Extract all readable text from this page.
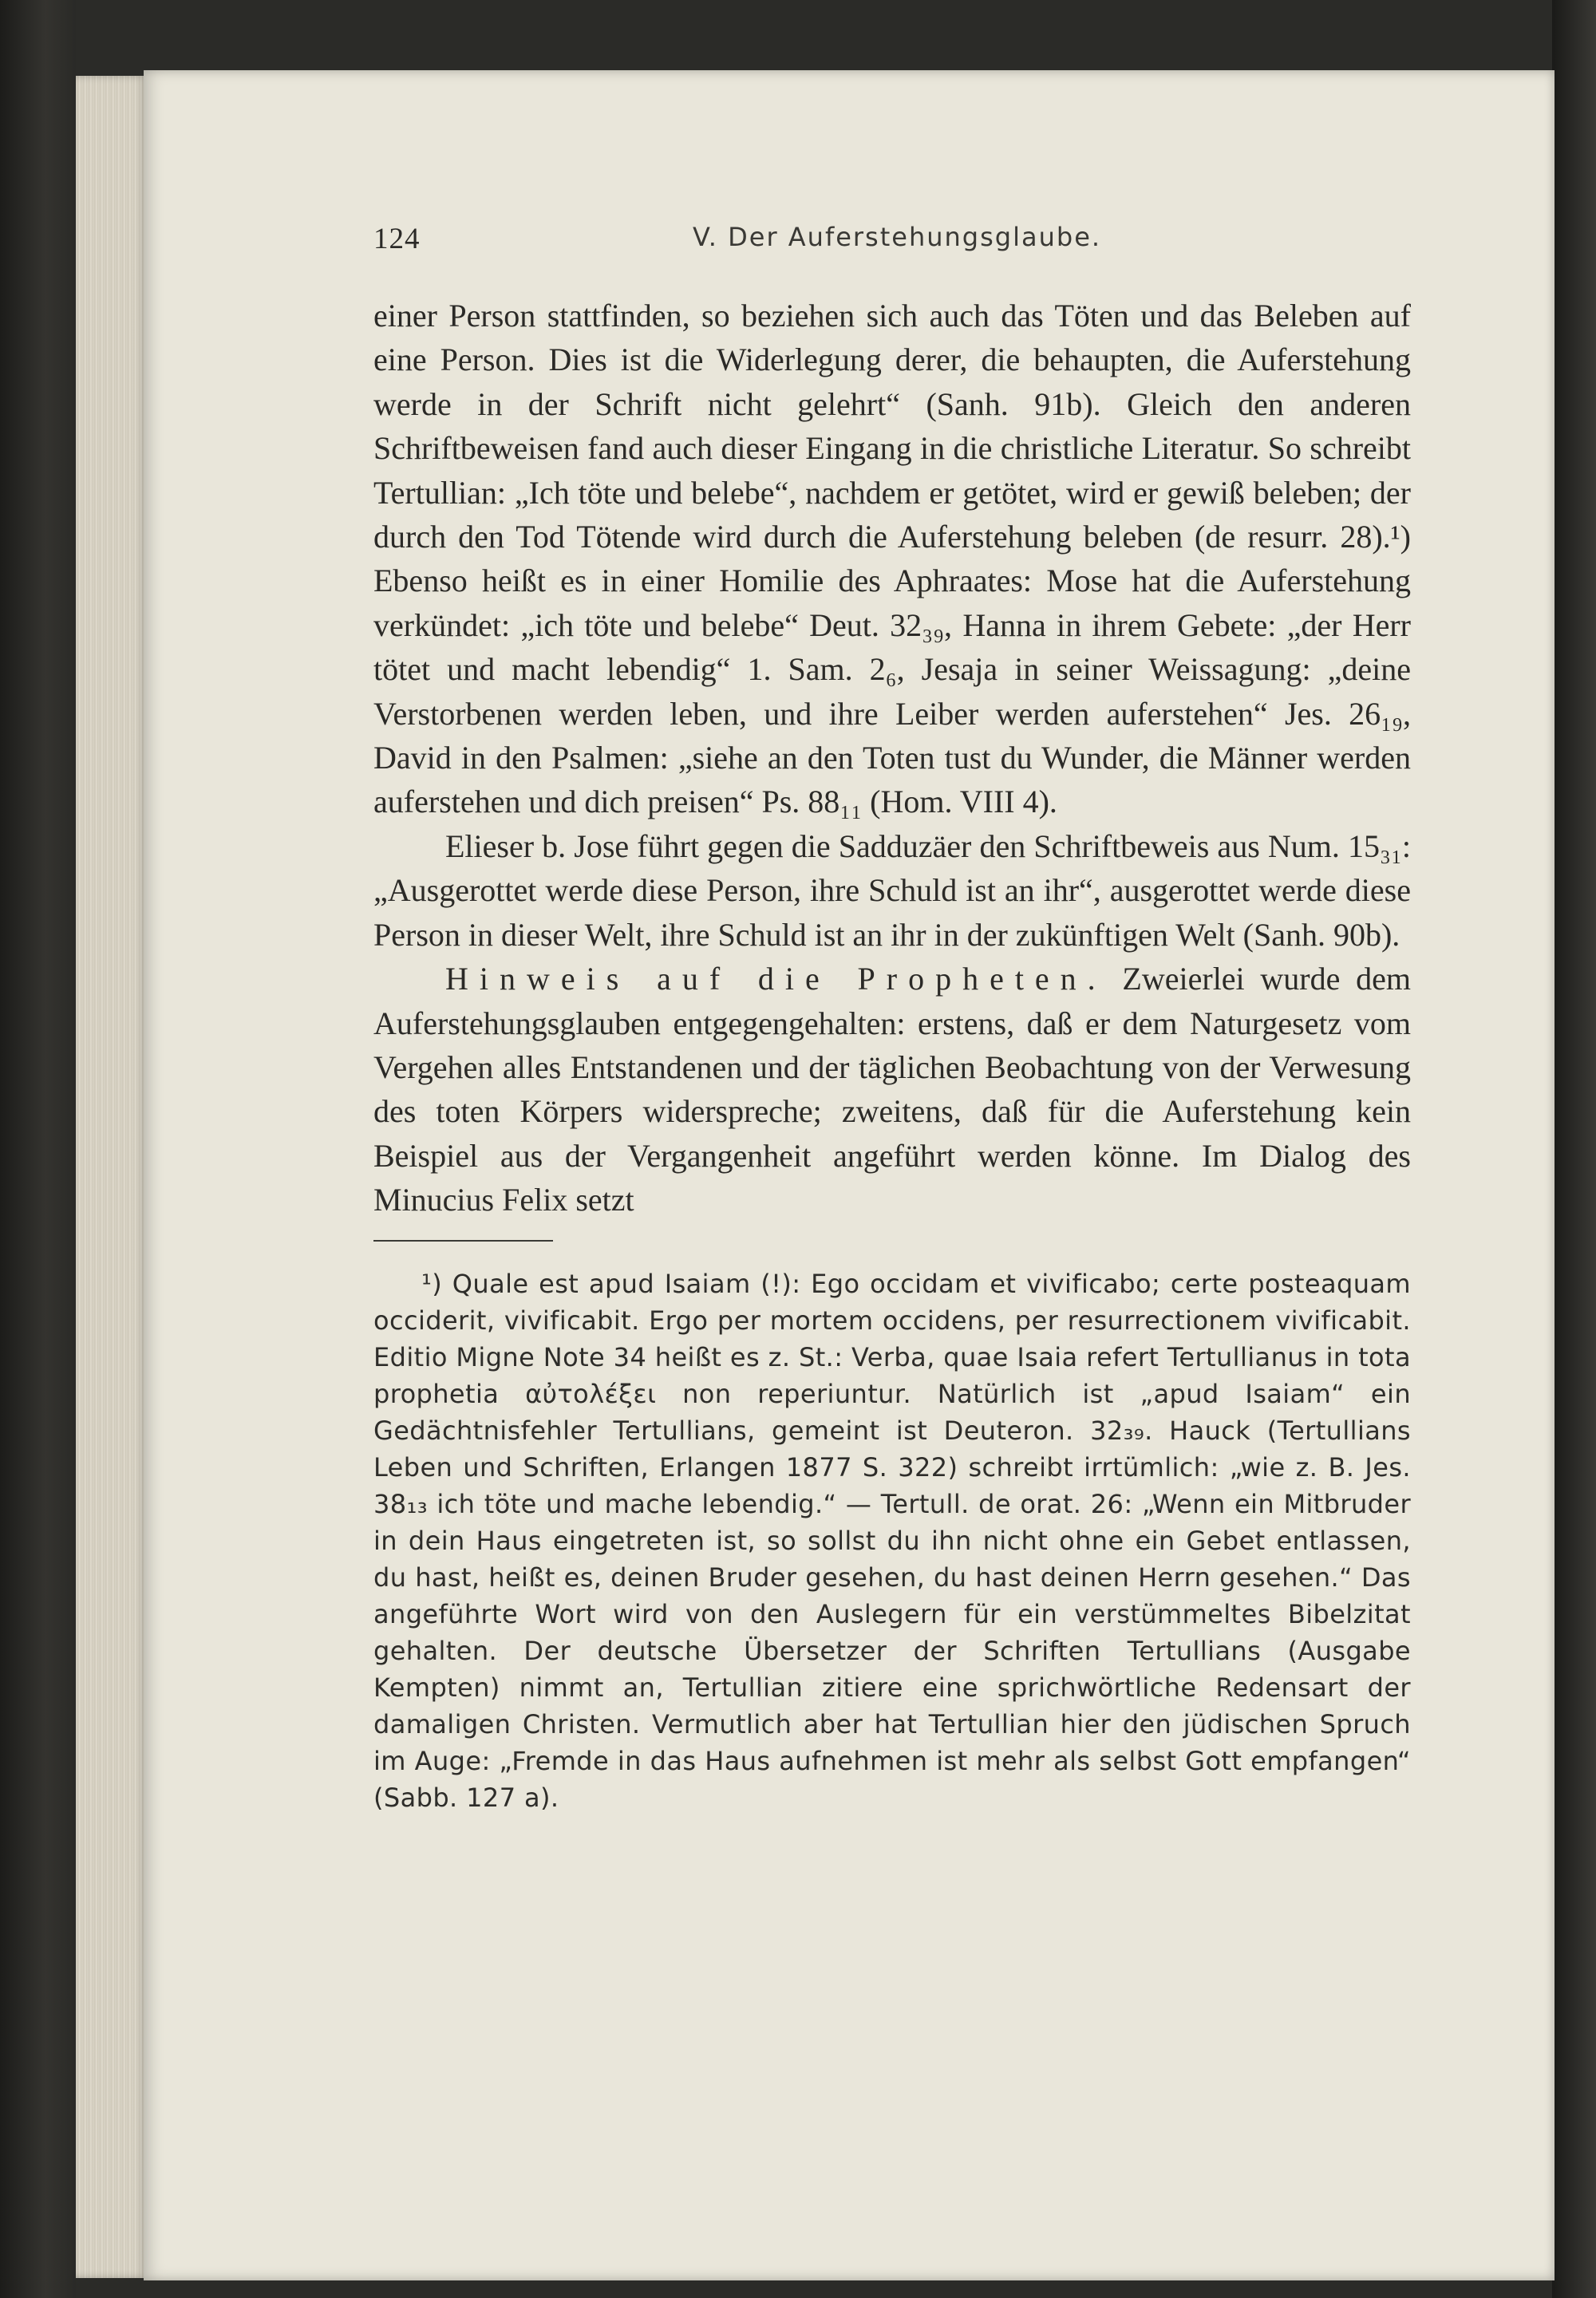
124	V. Der Auferstehungsglaube.

einer Person stattfinden, so beziehen sich auch das Töten und das Beleben auf eine Person. Dies ist die Widerlegung derer, die behaupten, die Auferstehung werde in der Schrift nicht gelehrt“ (Sanh. 91b). Gleich den anderen Schriftbeweisen fand auch dieser Eingang in die christliche Literatur. So schreibt Tertullian: „Ich töte und belebe“, nachdem er getötet, wird er gewiß beleben; der durch den Tod Tötende wird durch die Auferstehung beleben (de resurr. 28).¹) Ebenso heißt es in einer Homilie des Aphraates: Mose hat die Auferstehung verkündet: „ich töte und belebe“ Deut. 32₃₉, Hanna in ihrem Gebete: „der Herr tötet und macht lebendig“ 1. Sam. 2₆, Jesaja in seiner Weissagung: „deine Verstorbenen werden leben, und ihre Leiber werden auferstehen“ Jes. 26₁₉, David in den Psalmen: „siehe an den Toten tust du Wunder, die Männer werden auferstehen und dich preisen“ Ps. 88₁₁ (Hom. VIII 4).

Elieser b. Jose führt gegen die Sadduzäer den Schriftbeweis aus Num. 15₃₁: „Ausgerottet werde diese Person, ihre Schuld ist an ihr“, ausgerottet werde diese Person in dieser Welt, ihre Schuld ist an ihr in der zukünftigen Welt (Sanh. 90b).

Hinweis auf die Propheten. Zweierlei wurde dem Auferstehungsglauben entgegengehalten: erstens, daß er dem Naturgesetz vom Vergehen alles Entstandenen und der täglichen Beobachtung von der Verwesung des toten Körpers widerspreche; zweitens, daß für die Auferstehung kein Beispiel aus der Vergangenheit angeführt werden könne. Im Dialog des Minucius Felix setzt

¹) Quale est apud Isaiam (!): Ego occidam et vivificabo; certe posteaquam occiderit, vivificabit. Ergo per mortem occidens, per resurrectionem vivificabit. Editio Migne Note 34 heißt es z. St.: Verba, quae Isaia refert Tertullianus in tota prophetia αὐτολέξει non reperiuntur. Natürlich ist „apud Isaiam“ ein Gedächtnisfehler Tertullians, gemeint ist Deuteron. 32₃₉. Hauck (Tertullians Leben und Schriften, Erlangen 1877 S. 322) schreibt irrtümlich: „wie z. B. Jes. 38₁₃ ich töte und mache lebendig.“ — Tertull. de orat. 26: „Wenn ein Mitbruder in dein Haus eingetreten ist, so sollst du ihn nicht ohne ein Gebet entlassen, du hast, heißt es, deinen Bruder gesehen, du hast deinen Herrn gesehen.“ Das angeführte Wort wird von den Auslegern für ein verstümmeltes Bibelzitat gehalten. Der deutsche Übersetzer der Schriften Tertullians (Ausgabe Kempten) nimmt an, Tertullian zitiere eine sprichwörtliche Redensart der damaligen Christen. Vermutlich aber hat Tertullian hier den jüdischen Spruch im Auge: „Fremde in das Haus aufnehmen ist mehr als selbst Gott empfangen“ (Sabb. 127 a).
